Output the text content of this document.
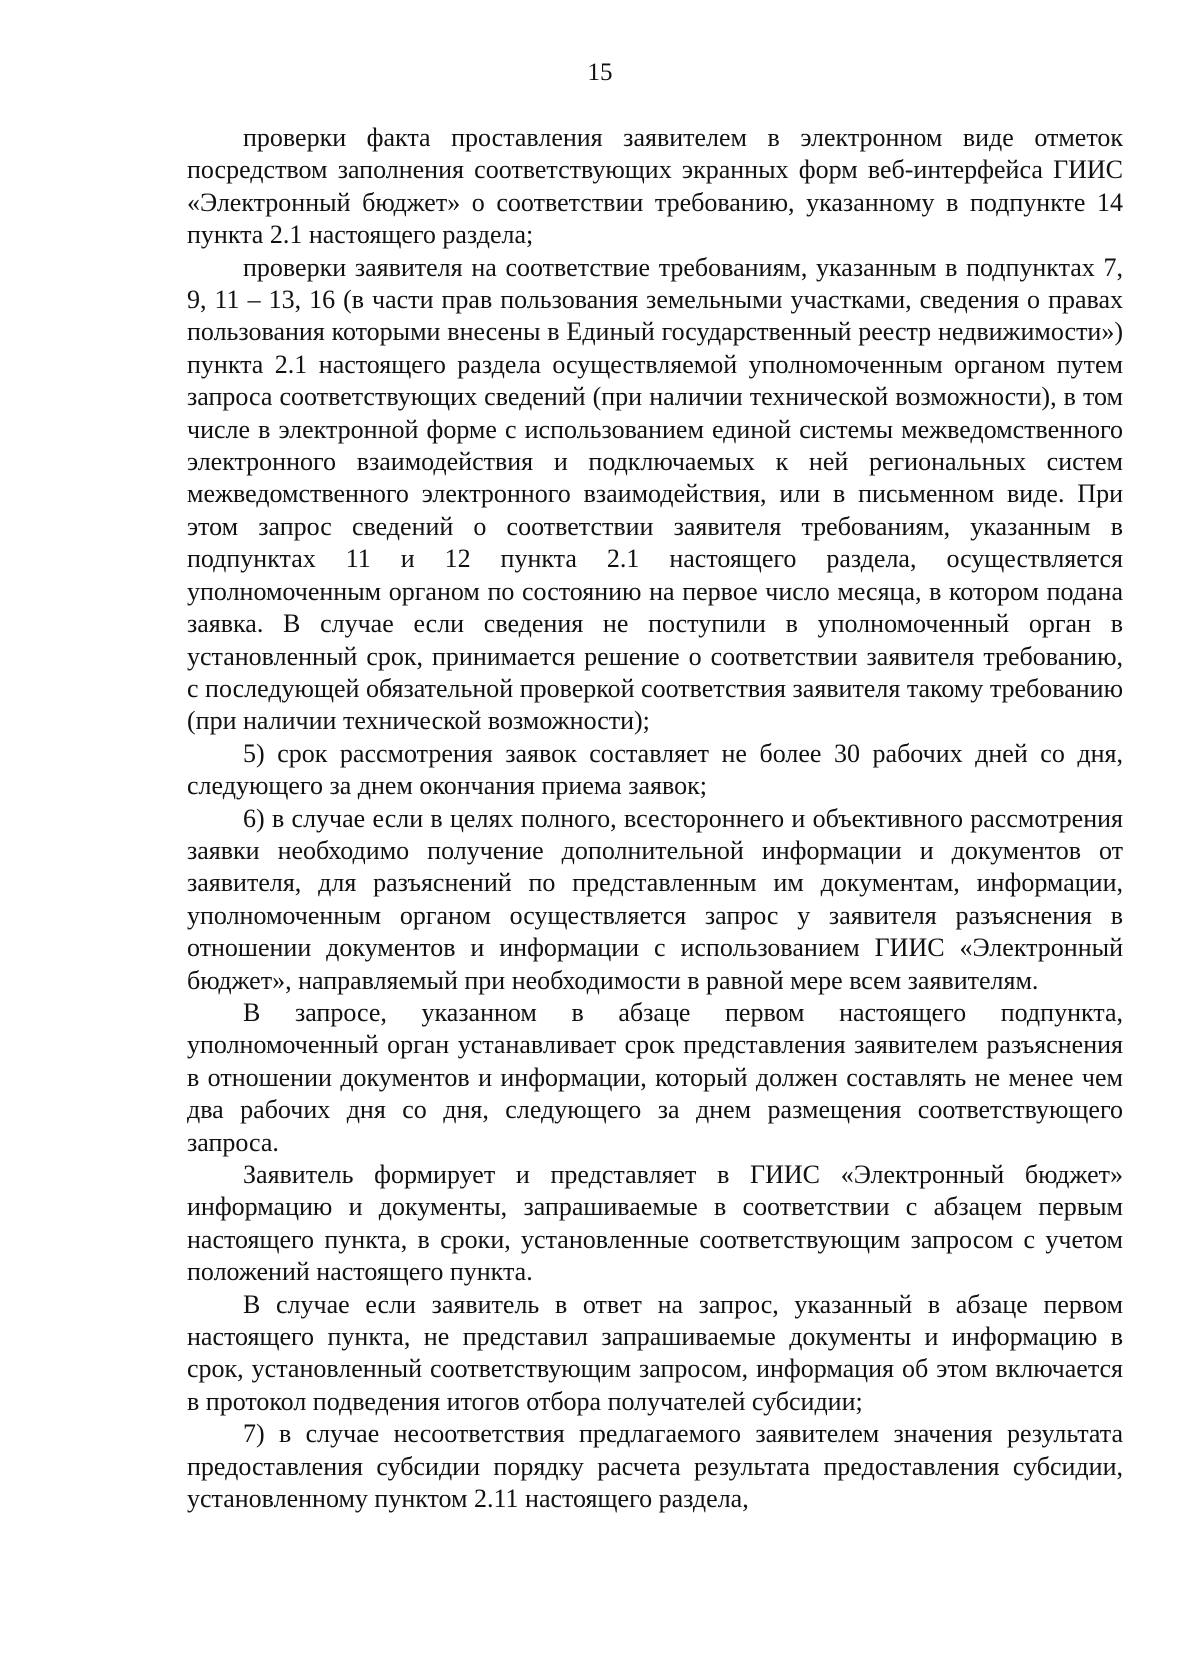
15

проверки факта проставления заявителем в электронном виде отметок посредством заполнения соответствующих экранных форм веб-интерфейса ГИИС «Электронный бюджет» о соответствии требованию, указанному в подпункте 14 пункта 2.1 настоящего раздела;

проверки заявителя на соответствие требованиям, указанным в подпунктах 7, 9, 11 – 13, 16 (в части прав пользования земельными участками, сведения о правах пользования которыми внесены в Единый государственный реестр недвижимости») пункта 2.1 настоящего раздела осуществляемой уполномоченным органом путем запроса соответствующих сведений (при наличии технической возможности), в том числе в электронной форме с использованием единой системы межведомственного электронного взаимодействия и подключаемых к ней региональных систем межведомственного электронного взаимодействия, или в письменном виде. При этом запрос сведений о соответствии заявителя требованиям, указанным в подпунктах 11 и 12 пункта 2.1 настоящего раздела, осуществляется уполномоченным органом по состоянию на первое число месяца, в котором подана заявка. В случае если сведения не поступили в уполномоченный орган в установленный срок, принимается решение о соответствии заявителя требованию, с последующей обязательной проверкой соответствия заявителя такому требованию (при наличии технической возможности);

5) срок рассмотрения заявок составляет не более 30 рабочих дней со дня, следующего за днем окончания приема заявок;

6) в случае если в целях полного, всестороннего и объективного рассмотрения заявки необходимо получение дополнительной информации и документов от заявителя, для разъяснений по представленным им документам, информации, уполномоченным органом осуществляется запрос у заявителя разъяснения в отношении документов и информации с использованием ГИИС «Электронный бюджет», направляемый при необходимости в равной мере всем заявителям.

В запросе, указанном в абзаце первом настоящего подпункта, уполномоченный орган устанавливает срок представления заявителем разъяснения в отношении документов и информации, который должен составлять не менее чем два рабочих дня со дня, следующего за днем размещения соответствующего запроса.

Заявитель формирует и представляет в ГИИС «Электронный бюджет» информацию и документы, запрашиваемые в соответствии с абзацем первым настоящего пункта, в сроки, установленные соответствующим запросом с учетом положений настоящего пункта.

В случае если заявитель в ответ на запрос, указанный в абзаце первом настоящего пункта, не представил запрашиваемые документы и информацию в срок, установленный соответствующим запросом, информация об этом включается в протокол подведения итогов отбора получателей субсидии;

7) в случае несоответствия предлагаемого заявителем значения результата предоставления субсидии порядку расчета результата предоставления субсидии, установленному пунктом 2.11 настоящего раздела,
